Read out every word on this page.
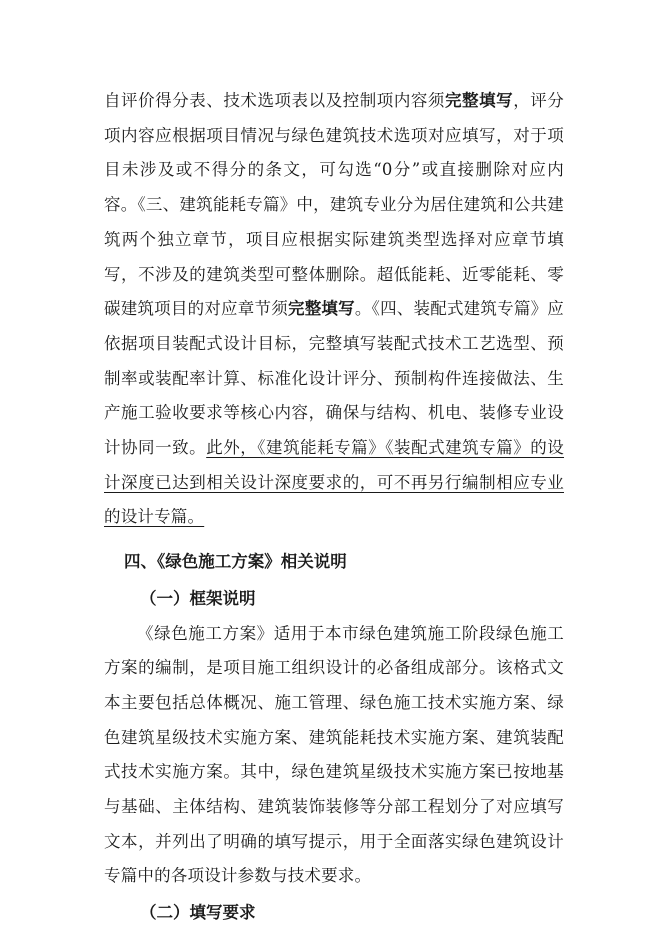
自评价得分表、技术选项表以及控制项内容须完整填写，评分项内容应根据项目情况与绿色建筑技术选项对应填写，对于项目未涉及或不得分的条文，可勾选“0分”或直接删除对应内容。《三、建筑能耗专篇》中，建筑专业分为居住建筑和公共建筑两个独立章节，项目应根据实际建筑类型选择对应章节填写，不涉及的建筑类型可整体删除。超低能耗、近零能耗、零碳建筑项目的对应章节须完整填写。《四、装配式建筑专篇》应依据项目装配式设计目标，完整填写装配式技术工艺选型、预制率或装配率计算、标准化设计评分、预制构件连接做法、生产施工验收要求等核心内容，确保与结构、机电、装修专业设计协同一致。此外，《建筑能耗专篇》《装配式建筑专篇》的设计深度已达到相关设计深度要求的，可不再另行编制相应专业的设计专篇。

四、《绿色施工方案》相关说明
（一）框架说明

《绿色施工方案》适用于本市绿色建筑施工阶段绿色施工方案的编制，是项目施工组织设计的必备组成部分。该格式文本主要包括总体概况、施工管理、绿色施工技术实施方案、绿色建筑星级技术实施方案、建筑能耗技术实施方案、建筑装配式技术实施方案。其中，绿色建筑星级技术实施方案已按地基与基础、主体结构、建筑装饰装修等分部工程划分了对应填写文本，并列出了明确的填写提示，用于全面落实绿色建筑设计专篇中的各项设计参数与技术要求。

（二）填写要求
